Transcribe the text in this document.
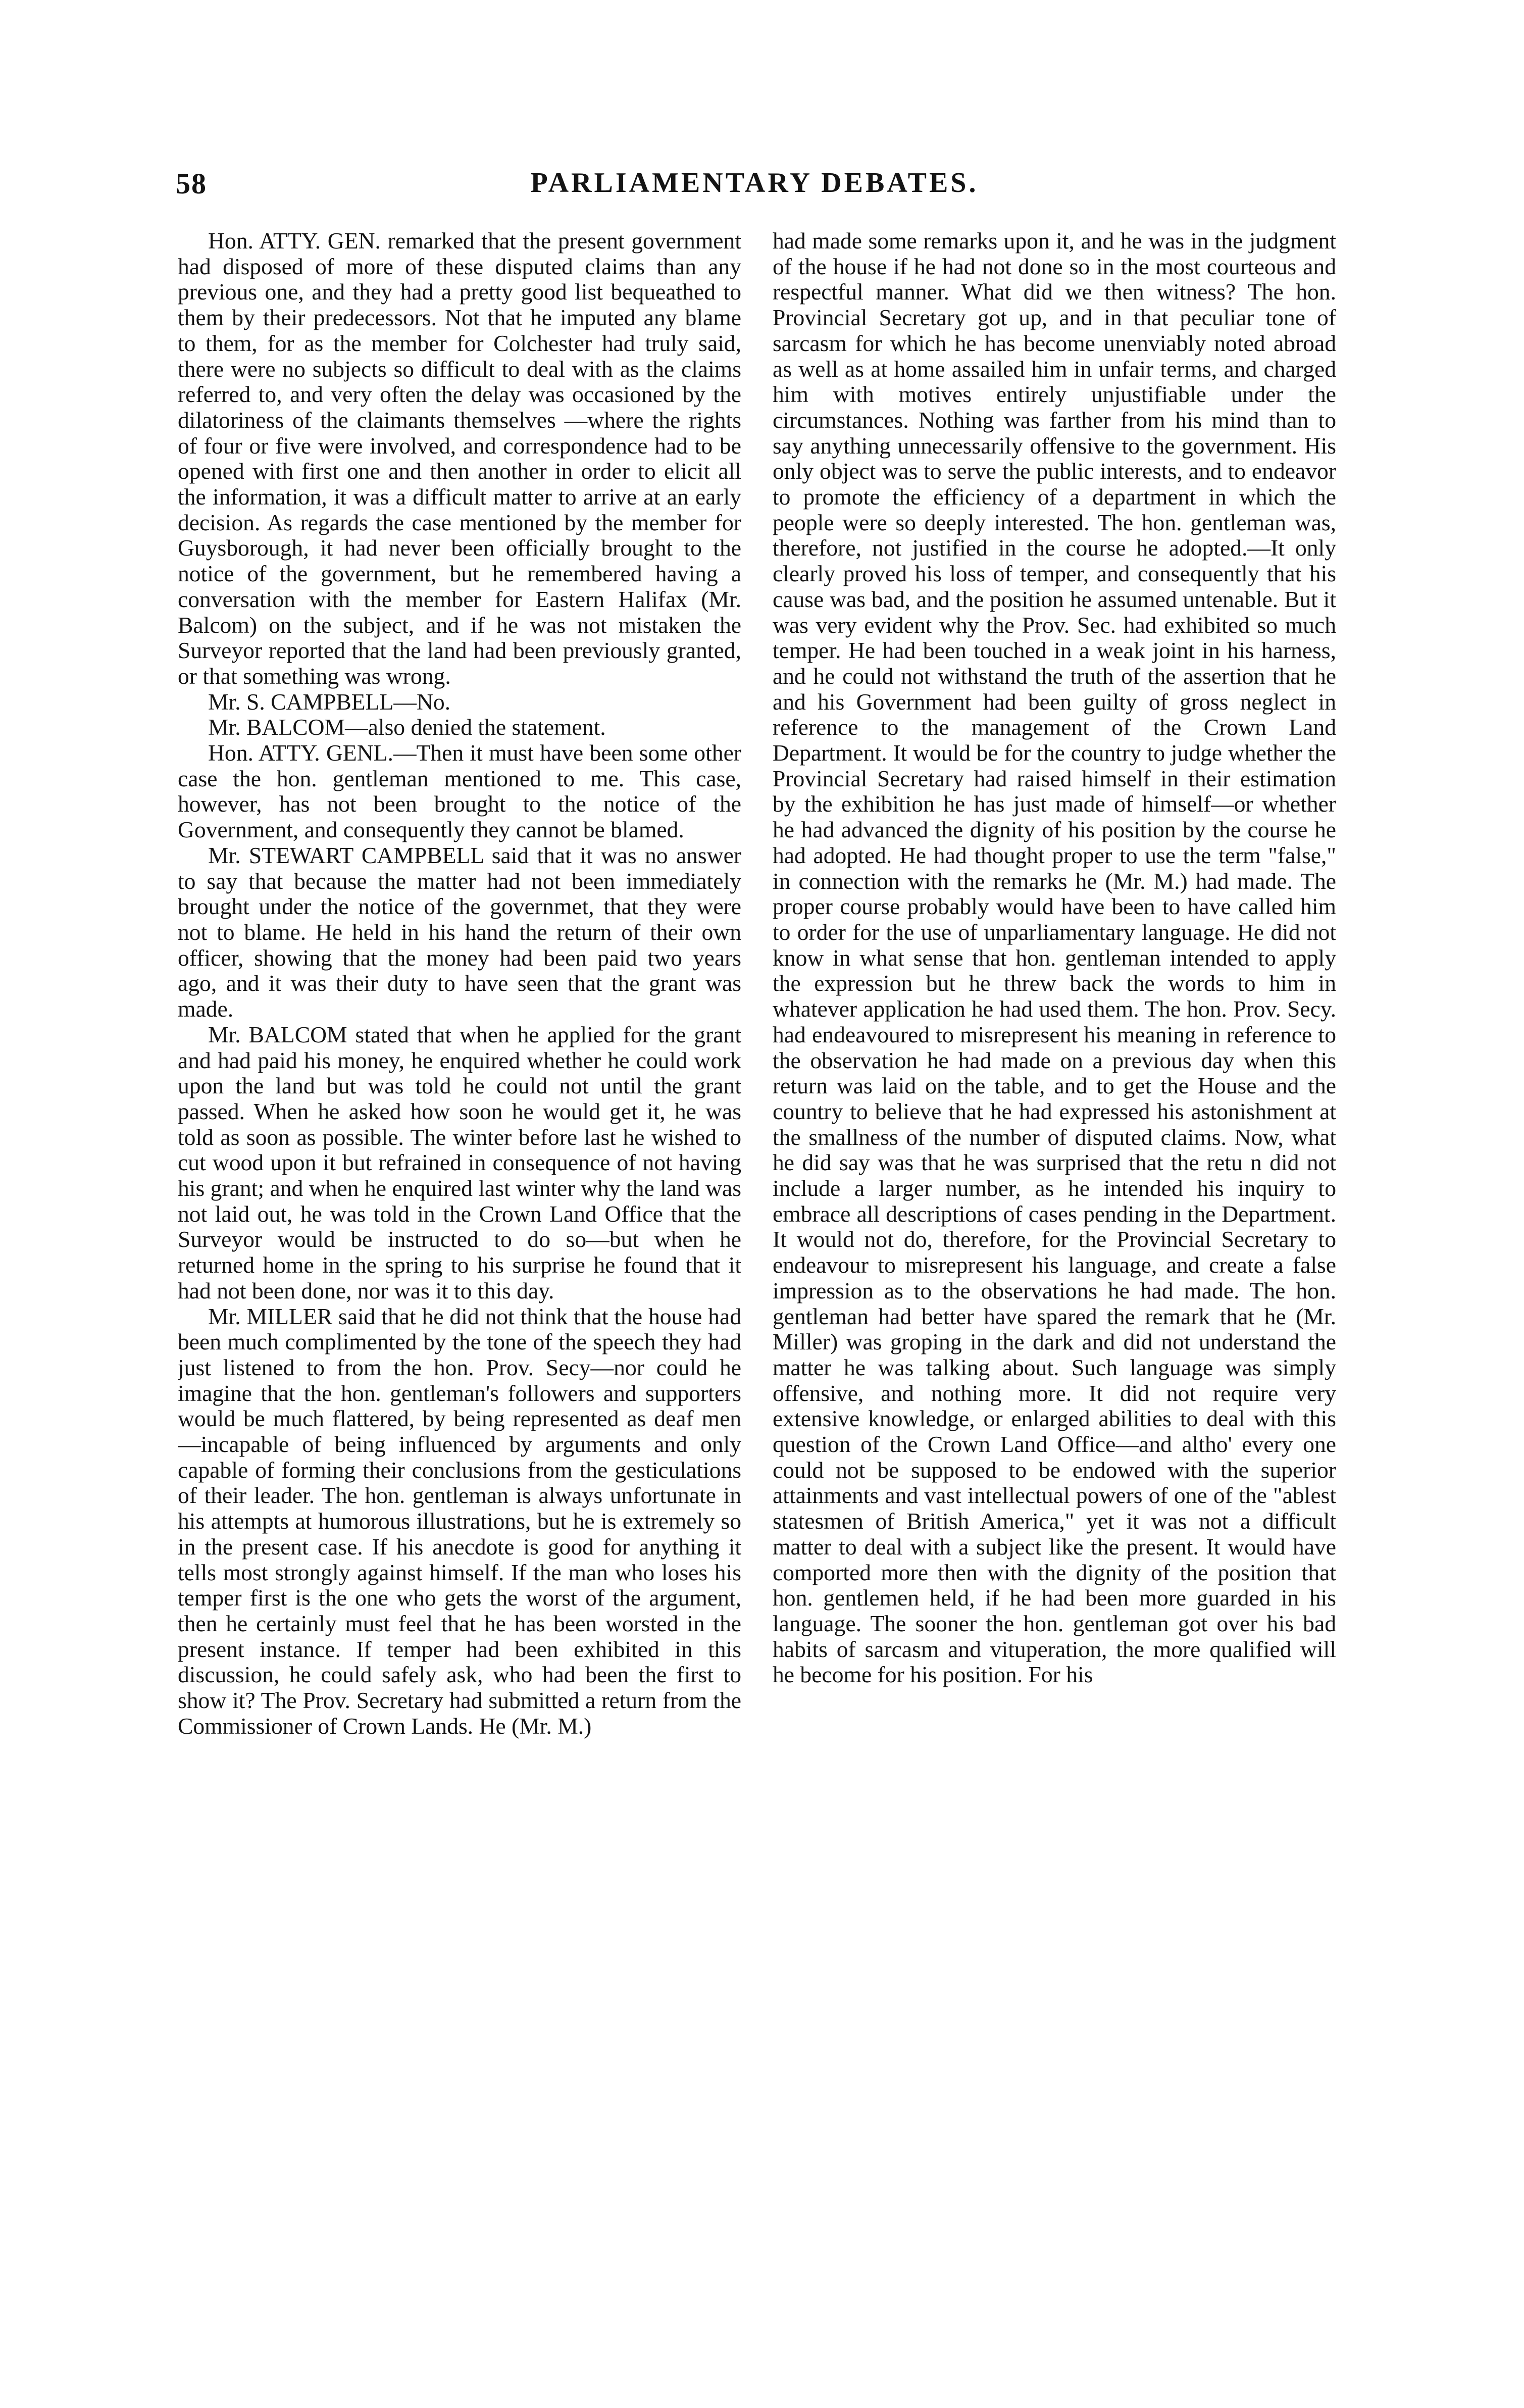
58	PARLIAMENTARY DEBATES.

Hon. ATTY. GEN. remarked that the present government had disposed of more of these disputed claims than any previous one, and they had a pretty good list bequeathed to them by their predecessors. Not that he imputed any blame to them, for as the member for Colchester had truly said, there were no subjects so difficult to deal with as the claims referred to, and very often the delay was occasioned by the dilatoriness of the claimants themselves —where the rights of four or five were involved, and correspondence had to be opened with first one and then another in order to elicit all the information, it was a difficult matter to arrive at an early decision. As regards the case mentioned by the member for Guysborough, it had never been officially brought to the notice of the government, but he remembered having a conversation with the member for Eastern Halifax (Mr. Balcom) on the subject, and if he was not mistaken the Surveyor reported that the land had been previously granted, or that something was wrong.

Mr. S. CAMPBELL—No.

Mr. BALCOM—also denied the statement.

Hon. ATTY. GENL.—Then it must have been some other case the hon. gentleman mentioned to me. This case, however, has not been brought to the notice of the Government, and consequently they cannot be blamed.

Mr. STEWART CAMPBELL said that it was no answer to say that because the matter had not been immediately brought under the notice of the governmet, that they were not to blame. He held in his hand the return of their own officer, showing that the money had been paid two years ago, and it was their duty to have seen that the grant was made.

Mr. BALCOM stated that when he applied for the grant and had paid his money, he enquired whether he could work upon the land but was told he could not until the grant passed. When he asked how soon he would get it, he was told as soon as possible. The winter before last he wished to cut wood upon it but refrained in consequence of not having his grant; and when he enquired last winter why the land was not laid out, he was told in the Crown Land Office that the Surveyor would be instructed to do so—but when he returned home in the spring to his surprise he found that it had not been done, nor was it to this day.

Mr. MILLER said that he did not think that the house had been much complimented by the tone of the speech they had just listened to from the hon. Prov. Secy—nor could he imagine that the hon. gentleman's followers and supporters would be much flattered, by being represented as deaf men—incapable of being influenced by arguments and only capable of forming their conclusions from the gesticulations of their leader. The hon. gentleman is always unfortunate in his attempts at humorous illustrations, but he is extremely so in the present case. If his anecdote is good for anything it tells most strongly against himself. If the man who loses his temper first is the one who gets the worst of the argument, then he certainly must feel that he has been worsted in the present instance. If temper had been exhibited in this discussion, he could safely ask, who had been the first to show it? The Prov. Secretary had submitted a return from the Commissioner of Crown Lands. He (Mr. M.)

had made some remarks upon it, and he was in the judgment of the house if he had not done so in the most courteous and respectful manner. What did we then witness? The hon. Provincial Secretary got up, and in that peculiar tone of sarcasm for which he has become unenviably noted abroad as well as at home assailed him in unfair terms, and charged him with motives entirely unjustifiable under the circumstances. Nothing was farther from his mind than to say anything unnecessarily offensive to the government. His only object was to serve the public interests, and to endeavor to promote the efficiency of a department in which the people were so deeply interested. The hon. gentleman was, therefore, not justified in the course he adopted.—It only clearly proved his loss of temper, and consequently that his cause was bad, and the position he assumed untenable. But it was very evident why the Prov. Sec. had exhibited so much temper. He had been touched in a weak joint in his harness, and he could not withstand the truth of the assertion that he and his Government had been guilty of gross neglect in reference to the management of the Crown Land Department. It would be for the country to judge whether the Provincial Secretary had raised himself in their estimation by the exhibition he has just made of himself—or whether he had advanced the dignity of his position by the course he had adopted. He had thought proper to use the term "false," in connection with the remarks he (Mr. M.) had made. The proper course probably would have been to have called him to order for the use of unparliamentary language. He did not know in what sense that hon. gentleman intended to apply the expression but he threw back the words to him in whatever application he had used them. The hon. Prov. Secy. had endeavoured to misrepresent his meaning in reference to the observation he had made on a previous day when this return was laid on the table, and to get the House and the country to believe that he had expressed his astonishment at the smallness of the number of disputed claims. Now, what he did say was that he was surprised that the retu n did not include a larger number, as he intended his inquiry to embrace all descriptions of cases pending in the Department. It would not do, therefore, for the Provincial Secretary to endeavour to misrepresent his language, and create a false impression as to the observations he had made. The hon. gentleman had better have spared the remark that he (Mr. Miller) was groping in the dark and did not understand the matter he was talking about. Such language was simply offensive, and nothing more. It did not require very extensive knowledge, or enlarged abilities to deal with this question of the Crown Land Office—and altho' every one could not be supposed to be endowed with the superior attainments and vast intellectual powers of one of the "ablest statesmen of British America," yet it was not a difficult matter to deal with a subject like the present. It would have comported more then with the dignity of the position that hon. gentlemen held, if he had been more guarded in his language. The sooner the hon. gentleman got over his bad habits of sarcasm and vituperation, the more qualified will he become for his position. For his
